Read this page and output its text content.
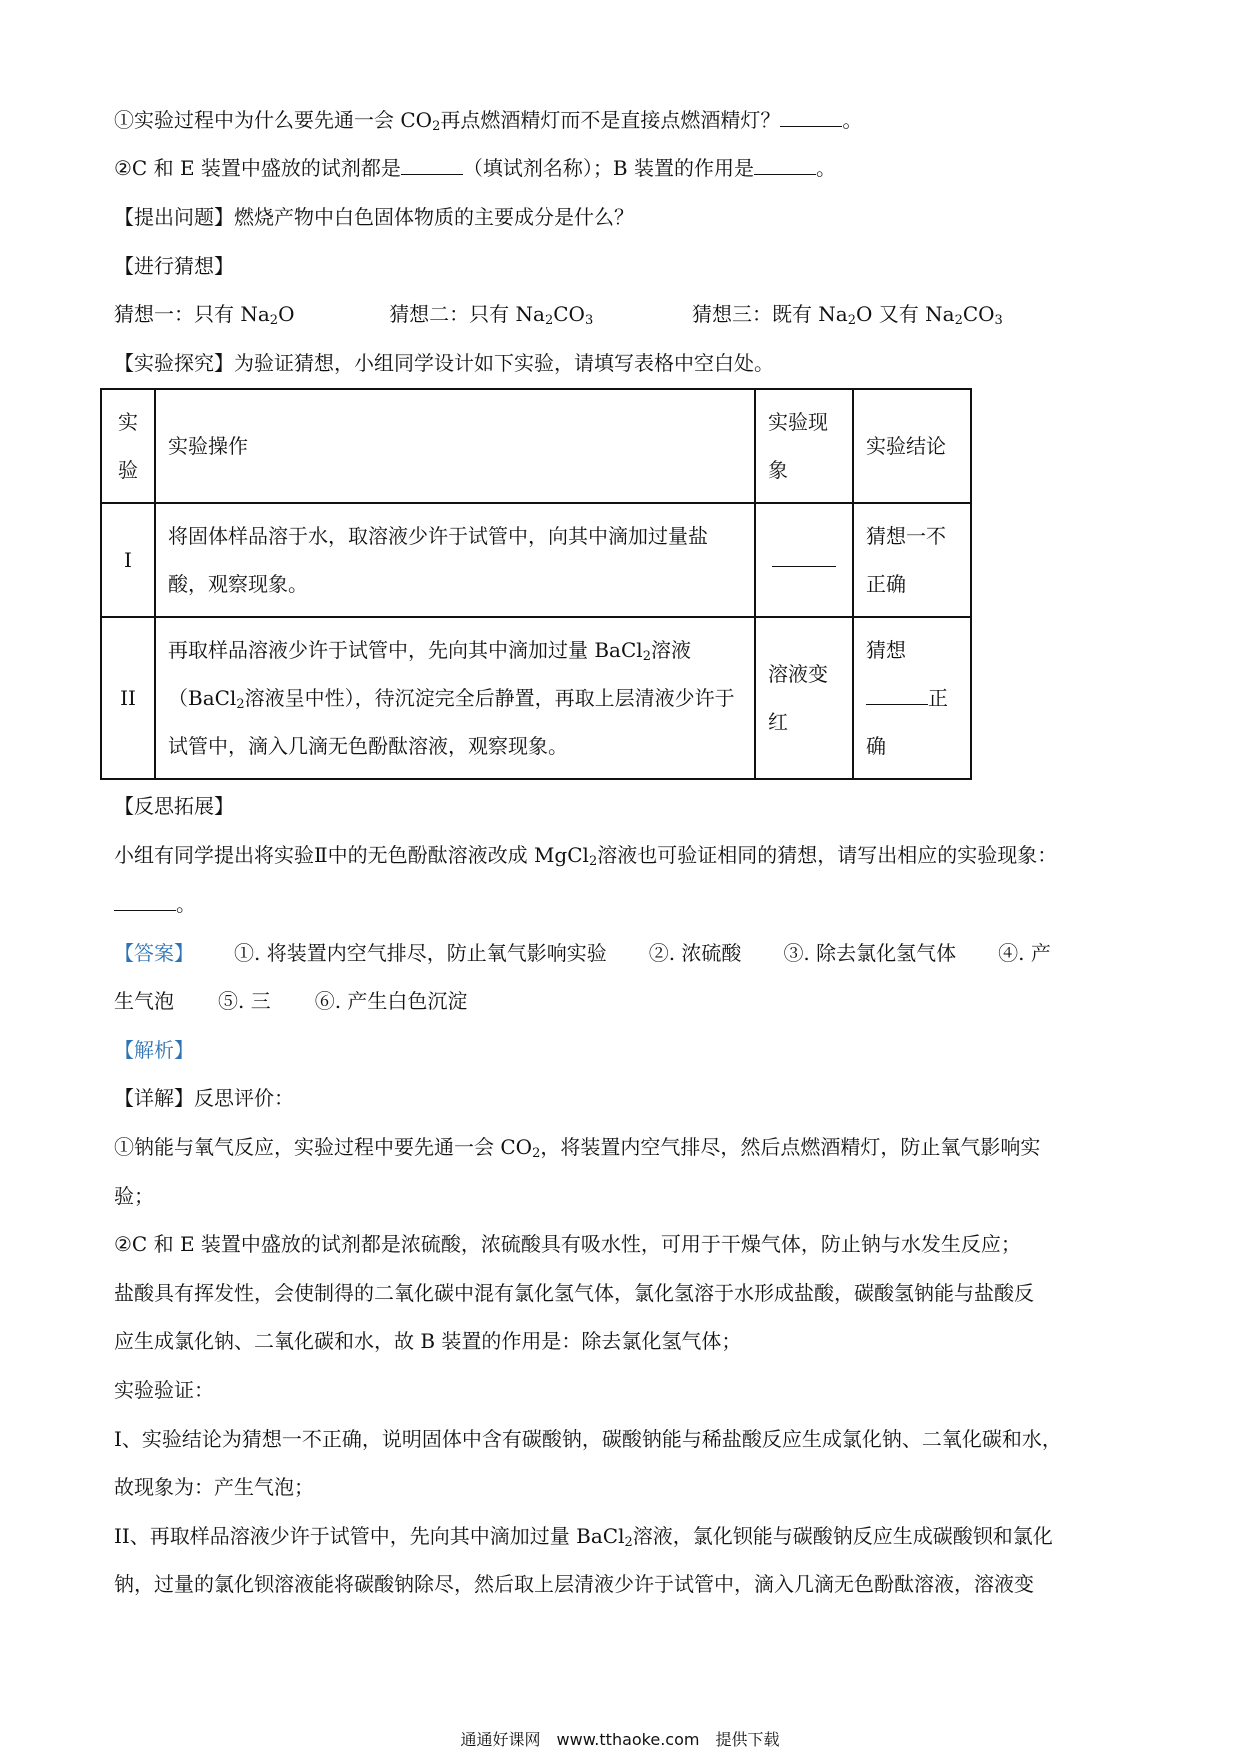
①实验过程中为什么要先通一会 $CO_2$再点燃酒精灯而不是直接点燃酒精灯？	。
②C 和 E 装置中盛放的试剂都是	（填试剂名称）；B 装置的作用是	。
【提出问题】燃烧产物中白色固体物质的主要成分是什么？
【进行猜想】
猜想一：只有 $Na_2O$	猜想二：只有 $Na_2CO_3$	猜想三：既有 $Na_2O$ 又有 $Na_2CO_3$
【实验探究】为验证猜想，小组同学设计如下实验，请填写表格中空白处。
实验	实验操作	实验现象	实验结论
I	将固体样品溶于水，取溶液少许于试管中，向其中滴加过量盐酸，观察现象。		猜想一不正确

II	再取样品溶液少许于试管中，先向其中滴加过量 BaCl$_2$溶液（BaCl$_2$溶液呈中性），待沉淀完全后静置，再取上层清液少许于试管中，滴入几滴无色酚酞溶液，观察现象。	溶液变红	猜想
正确
【反思拓展】
小组有同学提出将实验Ⅱ中的无色酚酞溶液改成 MgCl$_2$溶液也可验证相同的猜想，请写出相应的实验现象：
。
【答案】 ①. 将装置内空气排尽，防止氧气影响实验 ②. 浓硫酸 ③. 除去氯化氢气体 ④. 产
生气泡 ⑤. 三 ⑥. 产生白色沉淀
【解析】
【详解】反思评价：
①钠能与氧气反应，实验过程中要先通一会 $CO_2$，将装置内空气排尽，然后点燃酒精灯，防止氧气影响实
验；
②C 和 E 装置中盛放的试剂都是浓硫酸，浓硫酸具有吸水性，可用于干燥气体，防止钠与水发生反应；
盐酸具有挥发性，会使制得的二氧化碳中混有氯化氢气体，氯化氢溶于水形成盐酸，碳酸氢钠能与盐酸反
应生成氯化钠、二氧化碳和水，故 B 装置的作用是：除去氯化氢气体；
实验验证：
I、实验结论为猜想一不正确，说明固体中含有碳酸钠，碳酸钠能与稀盐酸反应生成氯化钠、二氧化碳和水，
故现象为：产生气泡；
II、再取样品溶液少许于试管中，先向其中滴加过量 BaCl$_2$溶液，氯化钡能与碳酸钠反应生成碳酸钡和氯化
钠，过量的氯化钡溶液能将碳酸钠除尽，然后取上层清液少许于试管中，滴入几滴无色酚酞溶液，溶液变
通通好课网　www.tthaoke.com　提供下载
